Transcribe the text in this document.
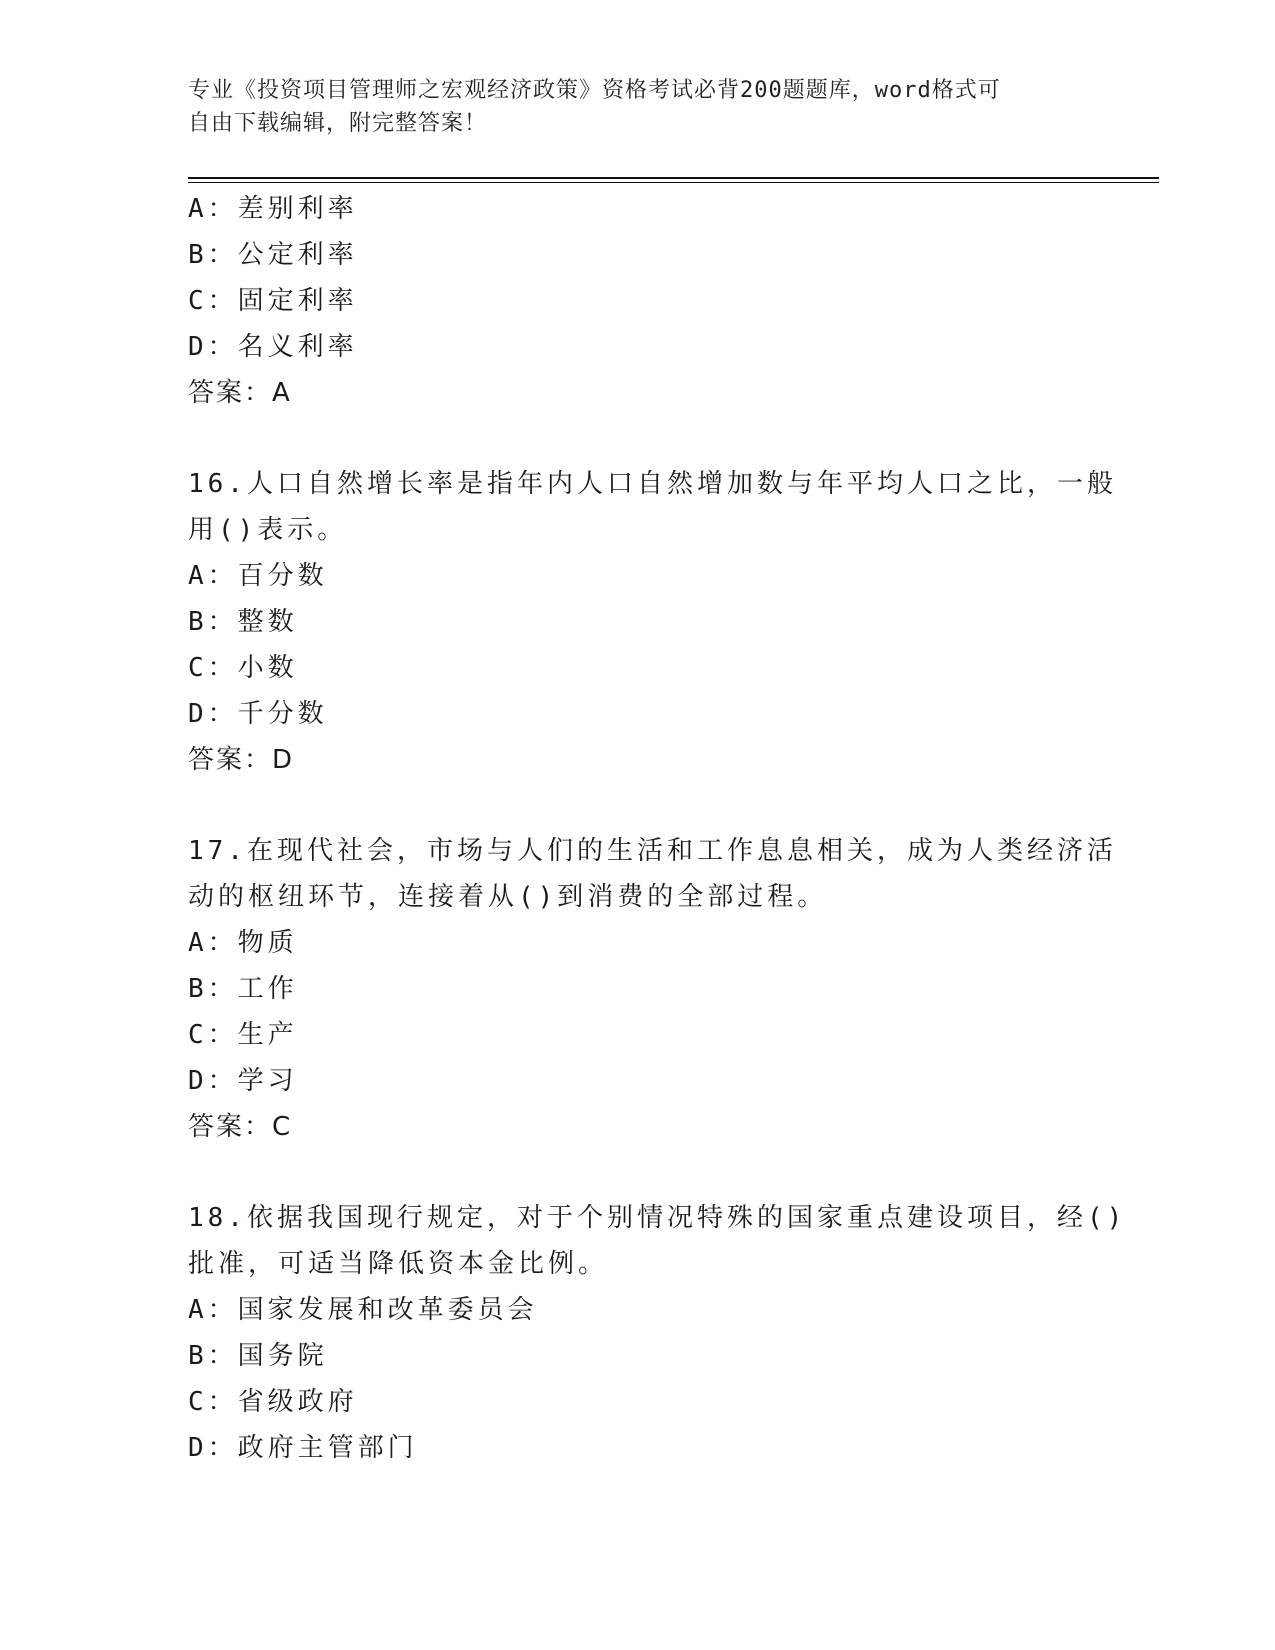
专业《投资项目管理师之宏观经济政策》资格考试必背200题题库，word格式可
自由下载编辑，附完整答案！
A：差别利率
B：公定利率
C：固定利率
D：名义利率
答案：A
16.人口自然增长率是指年内人口自然增加数与年平均人口之比，一般
用()表示。
A：百分数
B：整数
C：小数
D：千分数
答案：D
17.在现代社会，市场与人们的生活和工作息息相关，成为人类经济活
动的枢纽环节，连接着从()到消费的全部过程。
A：物质
B：工作
C：生产
D：学习
答案：C
18.依据我国现行规定，对于个别情况特殊的国家重点建设项目，经()
批准，可适当降低资本金比例。
A：国家发展和改革委员会
B：国务院
C：省级政府
D：政府主管部门
